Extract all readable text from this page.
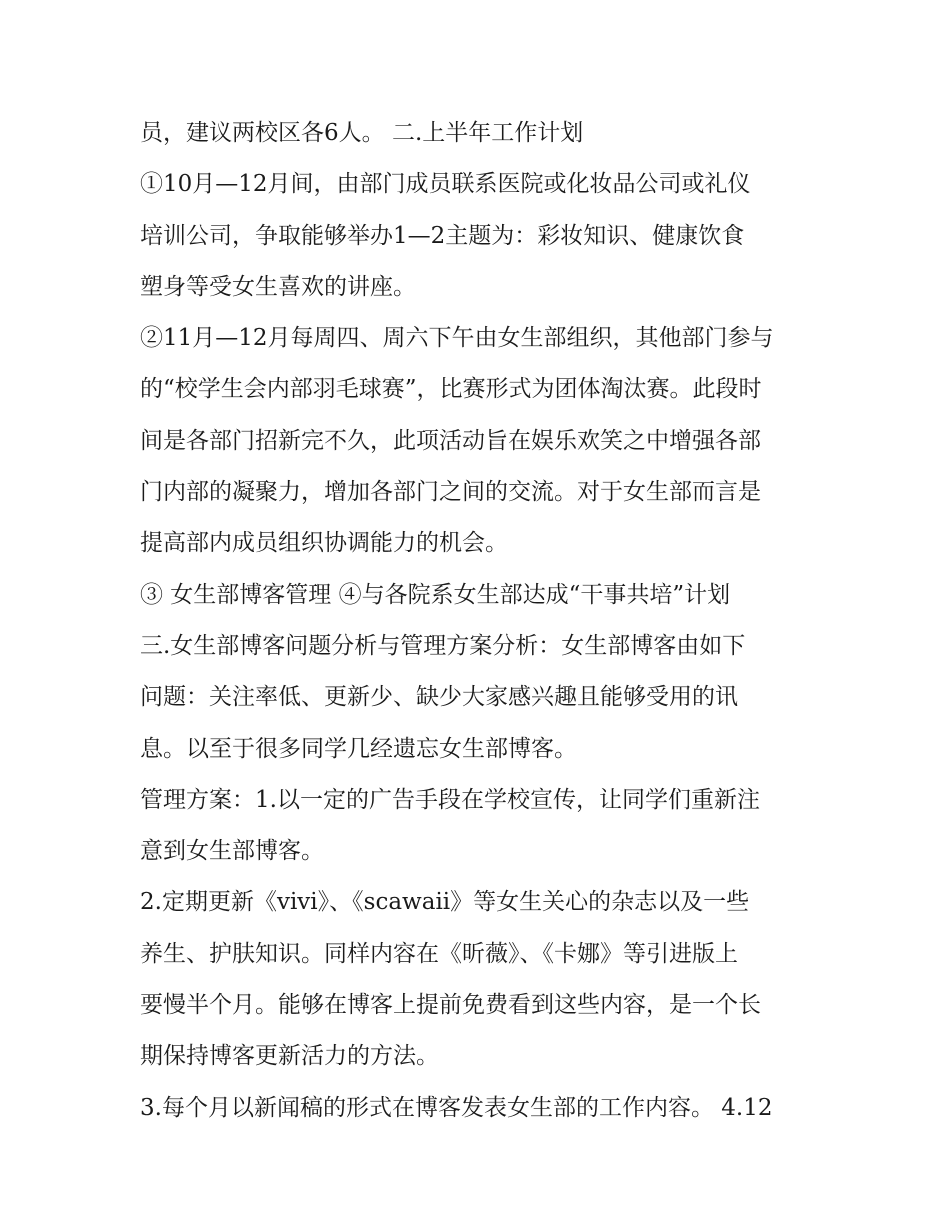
员，建议两校区各6人。 二.上半年工作计划
①10月—12月间，由部门成员联系医院或化妆品公司或礼仪
培训公司，争取能够举办1—2主题为：彩妆知识、健康饮食
塑身等受女生喜欢的讲座。
②11月—12月每周四、周六下午由女生部组织，其他部门参与
的“校学生会内部羽毛球赛”，比赛形式为团体淘汰赛。此段时
间是各部门招新完不久，此项活动旨在娱乐欢笑之中增强各部
门内部的凝聚力，增加各部门之间的交流。对于女生部而言是
提高部内成员组织协调能力的机会。
③ 女生部博客管理 ④与各院系女生部达成“干事共培”计划
三.女生部博客问题分析与管理方案分析：女生部博客由如下
问题：关注率低、更新少、缺少大家感兴趣且能够受用的讯
息。以至于很多同学几经遗忘女生部博客。
管理方案：1.以一定的广告手段在学校宣传，让同学们重新注
意到女生部博客。
2.定期更新《vivi》、《scawaii》等女生关心的杂志以及一些
养生、护肤知识。同样内容在《昕薇》、《卡娜》等引进版上
要慢半个月。能够在博客上提前免费看到这些内容，是一个长
期保持博客更新活力的方法。
3.每个月以新闻稿的形式在博客发表女生部的工作内容。 4.12
